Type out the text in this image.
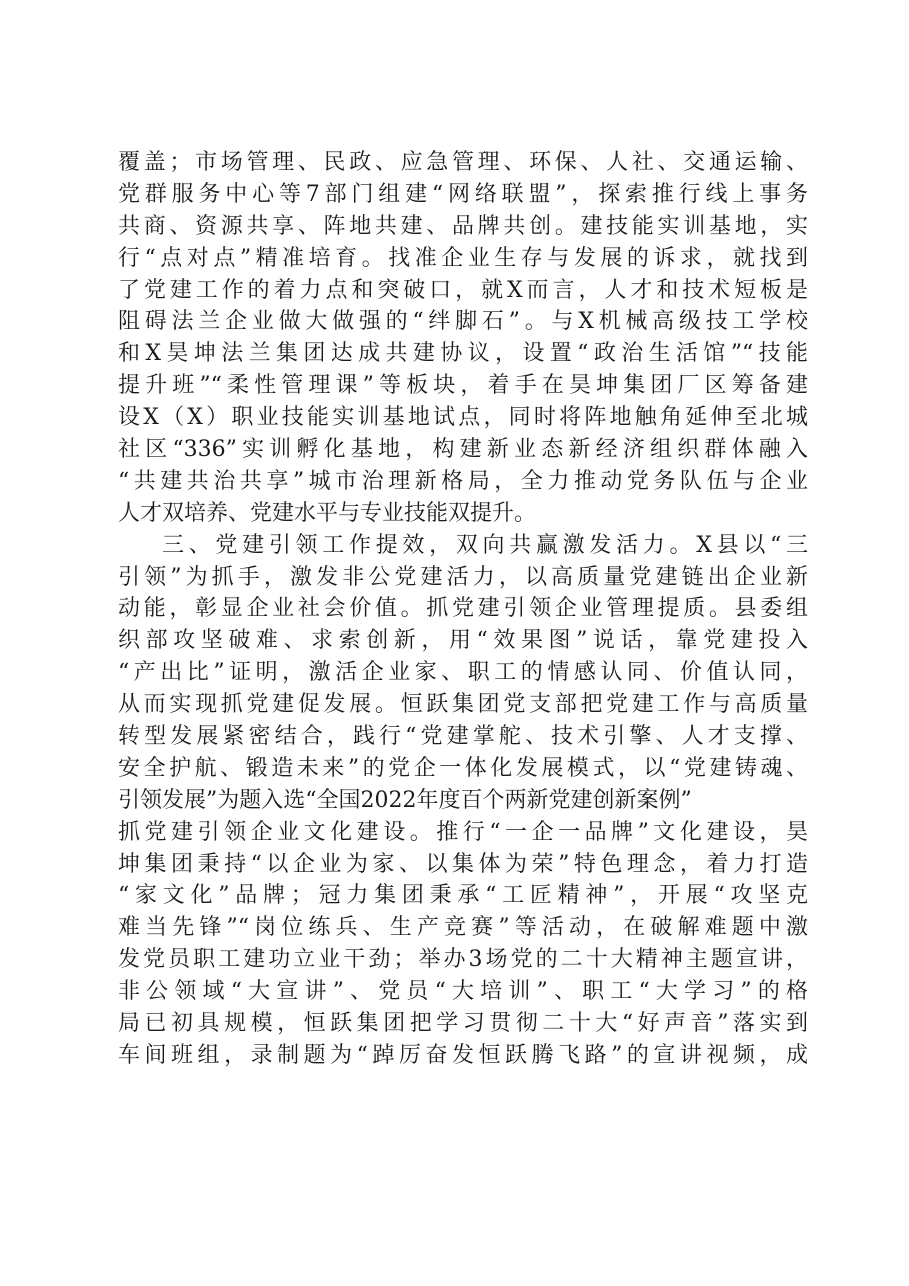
覆盖；市场管理、民政、应急管理、环保、人社、交通运输、
党群服务中心等7部门组建“网络联盟”，探索推行线上事务
共商、资源共享、阵地共建、品牌共创。建技能实训基地，实
行“点对点”精准培育。找准企业生存与发展的诉求，就找到
了党建工作的着力点和突破口，就X而言，人才和技术短板是
阻碍法兰企业做大做强的“绊脚石”。与X机械高级技工学校
和X昊坤法兰集团达成共建协议，设置“政治生活馆”“技能
提升班”“柔性管理课”等板块，着手在昊坤集团厂区筹备建
设X（X）职业技能实训基地试点，同时将阵地触角延伸至北城
社区“336”实训孵化基地，构建新业态新经济组织群体融入
“共建共治共享”城市治理新格局，全力推动党务队伍与企业
人才双培养、党建水平与专业技能双提升。
三、党建引领工作提效，双向共赢激发活力。X县以“三
引领”为抓手，激发非公党建活力，以高质量党建链出企业新
动能，彰显企业社会价值。抓党建引领企业管理提质。县委组
织部攻坚破难、求索创新，用“效果图”说话，靠党建投入
“产出比”证明，激活企业家、职工的情感认同、价值认同，
从而实现抓党建促发展。恒跃集团党支部把党建工作与高质量
转型发展紧密结合，践行“党建掌舵、技术引擎、人才支撑、
安全护航、锻造未来”的党企一体化发展模式，以“党建铸魂、
引领发展”为题入选“全国2022年度百个两新党建创新案例”
抓党建引领企业文化建设。推行“一企一品牌”文化建设，昊
坤集团秉持“以企业为家、以集体为荣”特色理念，着力打造
“家文化”品牌；冠力集团秉承“工匠精神”，开展“攻坚克
难当先锋”“岗位练兵、生产竞赛”等活动，在破解难题中激
发党员职工建功立业干劲；举办3场党的二十大精神主题宣讲，
非公领域“大宣讲”、党员“大培训”、职工“大学习”的格
局已初具规模，恒跃集团把学习贯彻二十大“好声音”落实到
车间班组，录制题为“踔厉奋发恒跃腾飞路”的宣讲视频，成
